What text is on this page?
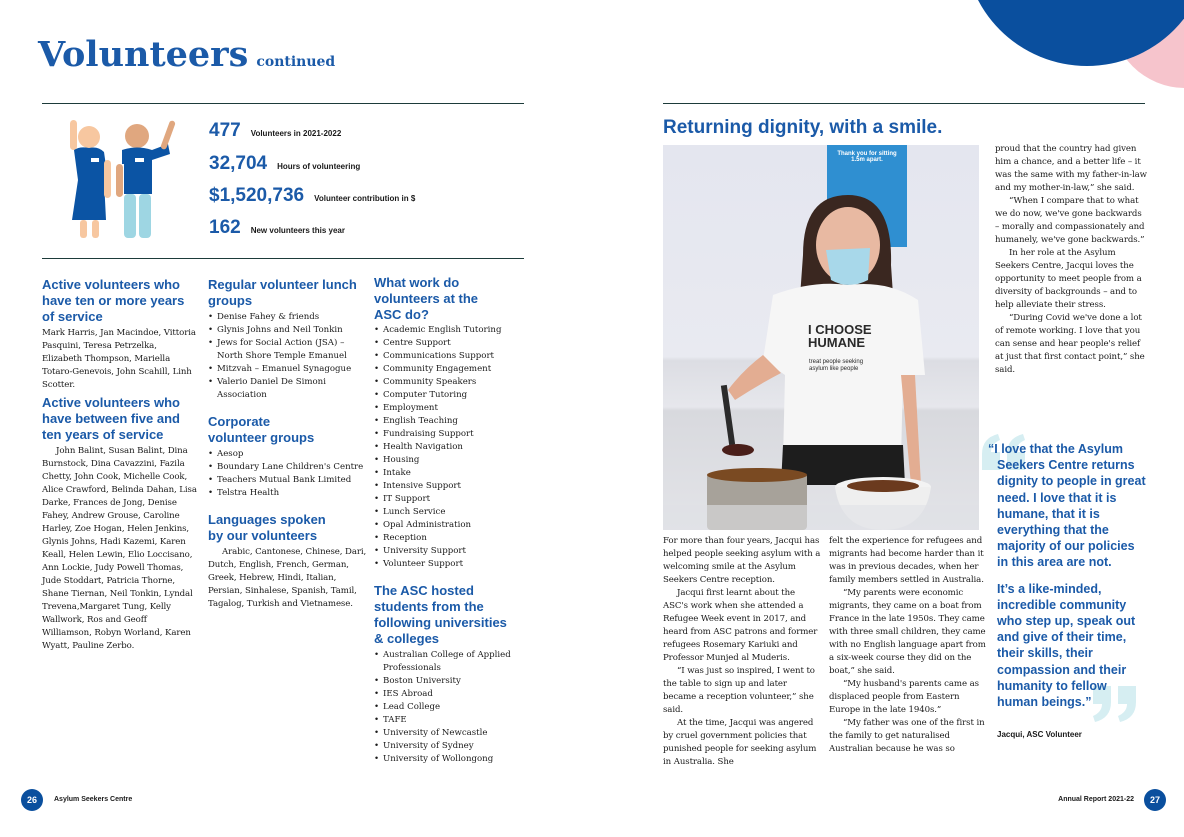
Volunteers continued
477 Volunteers in 2021-2022
32,704 Hours of volunteering
$1,520,736 Volunteer contribution in $
162 New volunteers this year
Active volunteers who have ten or more years of service
Mark Harris, Jan Macindoe, Vittoria Pasquini, Teresa Petrzelka, Elizabeth Thompson, Mariella Totaro-Genevois, John Scahill, Linh Scotter.
Active volunteers who have between five and ten years of service
John Balint, Susan Balint, Dina Burnstock, Dina Cavazzini, Fazila Chetty, John Cook, Michelle Cook, Alice Crawford, Belinda Dahan, Lisa Darke, Frances de Jong, Denise Fahey, Andrew Grouse, Caroline Harley, Zoe Hogan, Helen Jenkins, Glynis Johns, Hadi Kazemi, Karen Keall, Helen Lewin, Elio Loccisano, Ann Lockie, Judy Powell Thomas, Jude Stoddart, Patricia Thorne, Shane Tiernan, Neil Tonkin, Lyndal Trevena,Margaret Tung, Kelly Wallwork, Ros and Geoff Williamson, Robyn Worland, Karen Wyatt, Pauline Zerbo.
Regular volunteer lunch groups
• Denise Fahey & friends
• Glynis Johns and Neil Tonkin
• Jews for Social Action (JSA) – North Shore Temple Emanuel
• Mitzvah – Emanuel Synagogue
• Valerio Daniel De Simoni Association
Corporate volunteer groups
• Aesop
• Boundary Lane Children's Centre
• Teachers Mutual Bank Limited
• Telstra Health
Languages spoken by our volunteers
Arabic, Cantonese, Chinese, Dari, Dutch, English, French, German, Greek, Hebrew, Hindi, Italian, Persian, Sinhalese, Spanish, Tamil, Tagalog, Turkish and Vietnamese.
What work do volunteers at the ASC do?
• Academic English Tutoring
• Centre Support
• Communications Support
• Community Engagement
• Community Speakers
• Computer Tutoring
• Employment
• English Teaching
• Fundraising Support
• Health Navigation
• Housing
• Intake
• Intensive Support
• IT Support
• Lunch Service
• Opal Administration
• Reception
• University Support
• Volunteer Support
The ASC hosted students from the following universities & colleges
• Australian College of Applied Professionals
• Boston University
• IES Abroad
• Lead College
• TAFE
• University of Newcastle
• University of Sydney
• University of Wollongong
26 Asylum Seekers Centre
Returning dignity, with a smile.
Thank you for sitting 1.5m apart.
I CHOOSE HUMANE
treat people seeking asylum like people

For more than four years, Jacqui has helped people seeking asylum with a welcoming smile at the Asylum Seekers Centre reception.

Jacqui first learnt about the ASC's work when she attended a Refugee Week event in 2017, and heard from ASC patrons and former refugees Rosemary Kariuki and Professor Munjed al Muderis.

“I was just so inspired, I went to the table to sign up and later became a reception volunteer,” she said.

At the time, Jacqui was angered by cruel government policies that punished people for seeking asylum in Australia. She

felt the experience for refugees and migrants had become harder than it was in previous decades, when her family members settled in Australia.

“My parents were economic migrants, they came on a boat from France in the late 1950s. They came with three small children, they came with no English language apart from a six-week course they did on the boat,” she said.

“My husband's parents came as displaced people from Eastern Europe in the late 1940s.”

“My father was one of the first in the family to get naturalised Australian because he was so

proud that the country had given him a chance, and a better life – it was the same with my father-in-law and my mother-in-law,” she said.

“When I compare that to what we do now, we've gone backwards – morally and compassionately and humanely, we've gone backwards.”

In her role at the Asylum Seekers Centre, Jacqui loves the opportunity to meet people from a diversity of backgrounds – and to help alleviate their stress.

“During Covid we've done a lot of remote working. I love that you can sense and hear people's relief at just that first contact point,” she said.

“I love that the Asylum Seekers Centre returns dignity to people in great need. I love that it is humane, that it is everything that the majority of our policies in this area are not.

It’s a like-minded, incredible community who step up, speak out and give of their time, their skills, their compassion and their humanity to fellow human beings.”

Jacqui, ASC Volunteer
Annual Report 2021-22 27
